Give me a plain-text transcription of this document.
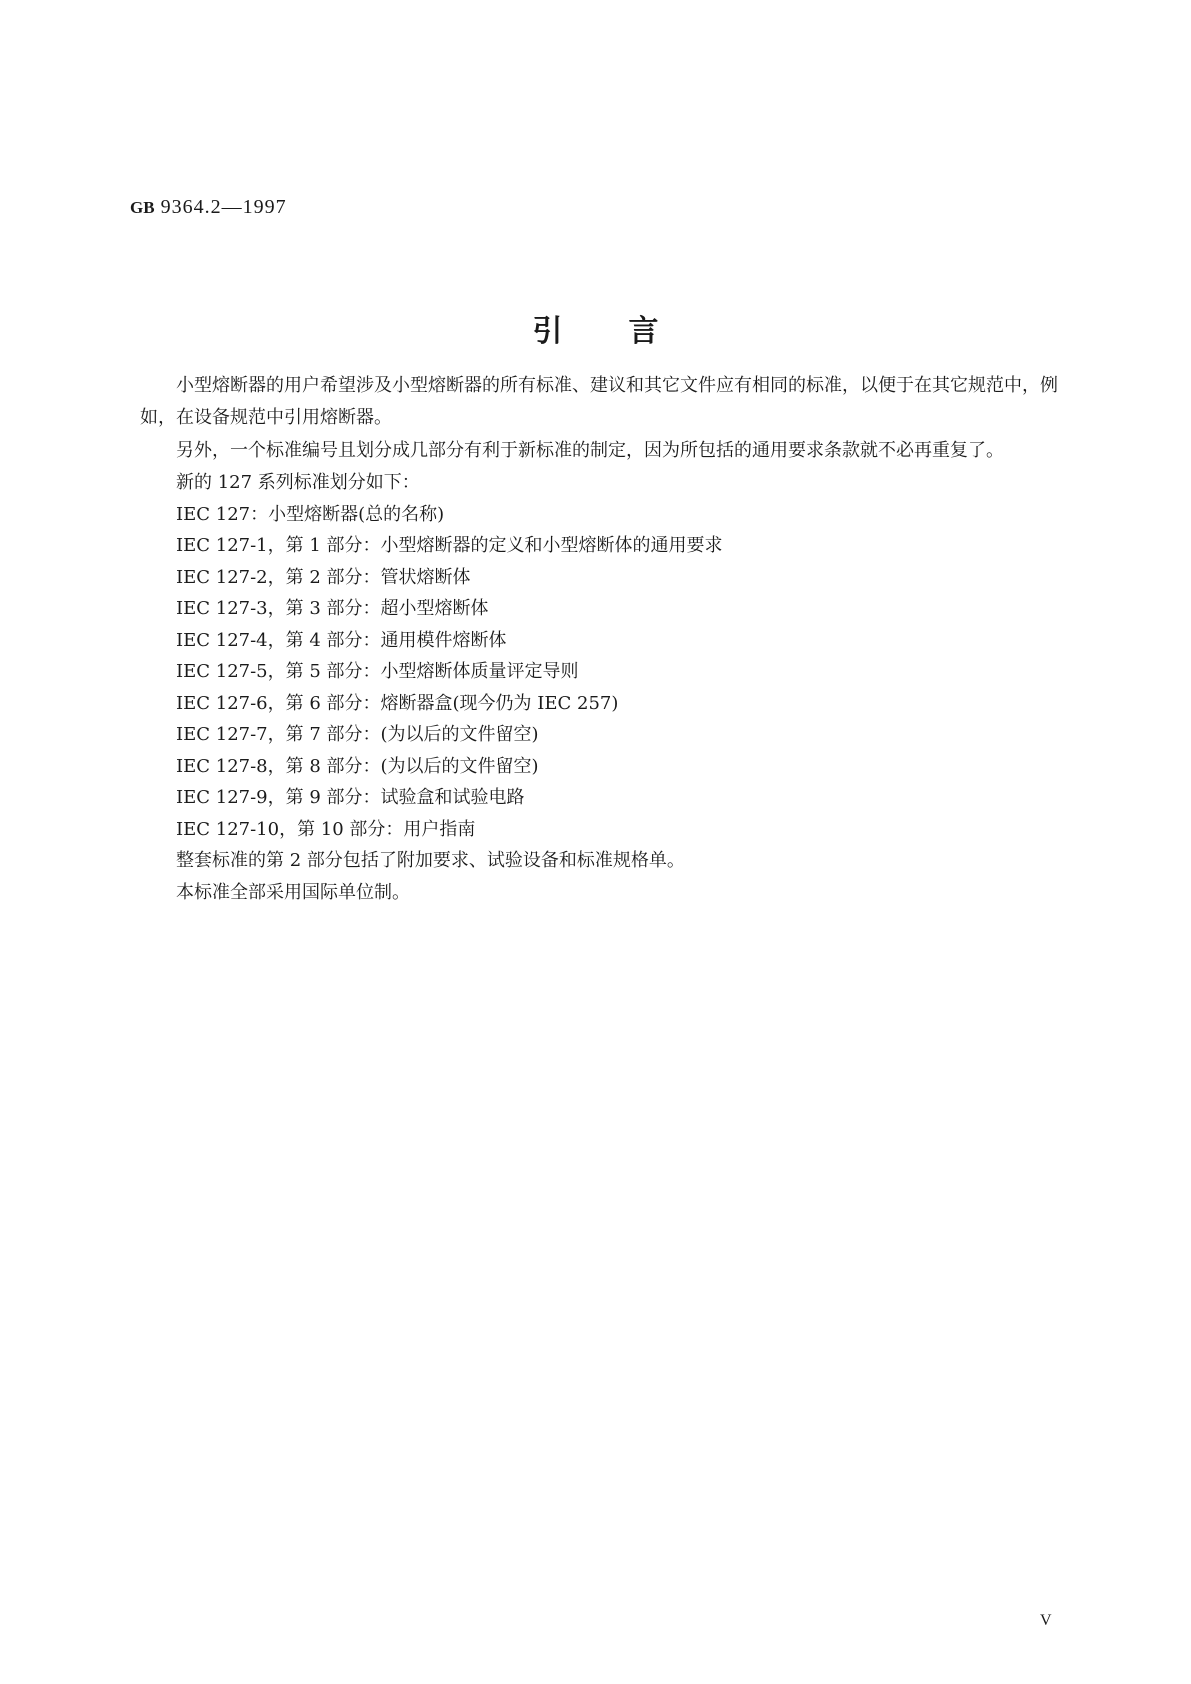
GB 9364.2—1997
引言

小型熔断器的用户希望涉及小型熔断器的所有标准、建议和其它文件应有相同的标准，以便于在其它规范中，例如，在设备规范中引用熔断器。

另外，一个标准编号且划分成几部分有利于新标准的制定，因为所包括的通用要求条款就不必再重复了。

新的 127 系列标准划分如下：

IEC 127：小型熔断器(总的名称)

IEC 127-1，第 1 部分：小型熔断器的定义和小型熔断体的通用要求

IEC 127-2，第 2 部分：管状熔断体

IEC 127-3，第 3 部分：超小型熔断体

IEC 127-4，第 4 部分：通用模件熔断体

IEC 127-5，第 5 部分：小型熔断体质量评定导则

IEC 127-6，第 6 部分：熔断器盒(现今仍为 IEC 257)

IEC 127-7，第 7 部分：(为以后的文件留空)

IEC 127-8，第 8 部分：(为以后的文件留空)

IEC 127-9，第 9 部分：试验盒和试验电路

IEC 127-10，第 10 部分：用户指南

整套标准的第 2 部分包括了附加要求、试验设备和标准规格单。

本标准全部采用国际单位制。

V
